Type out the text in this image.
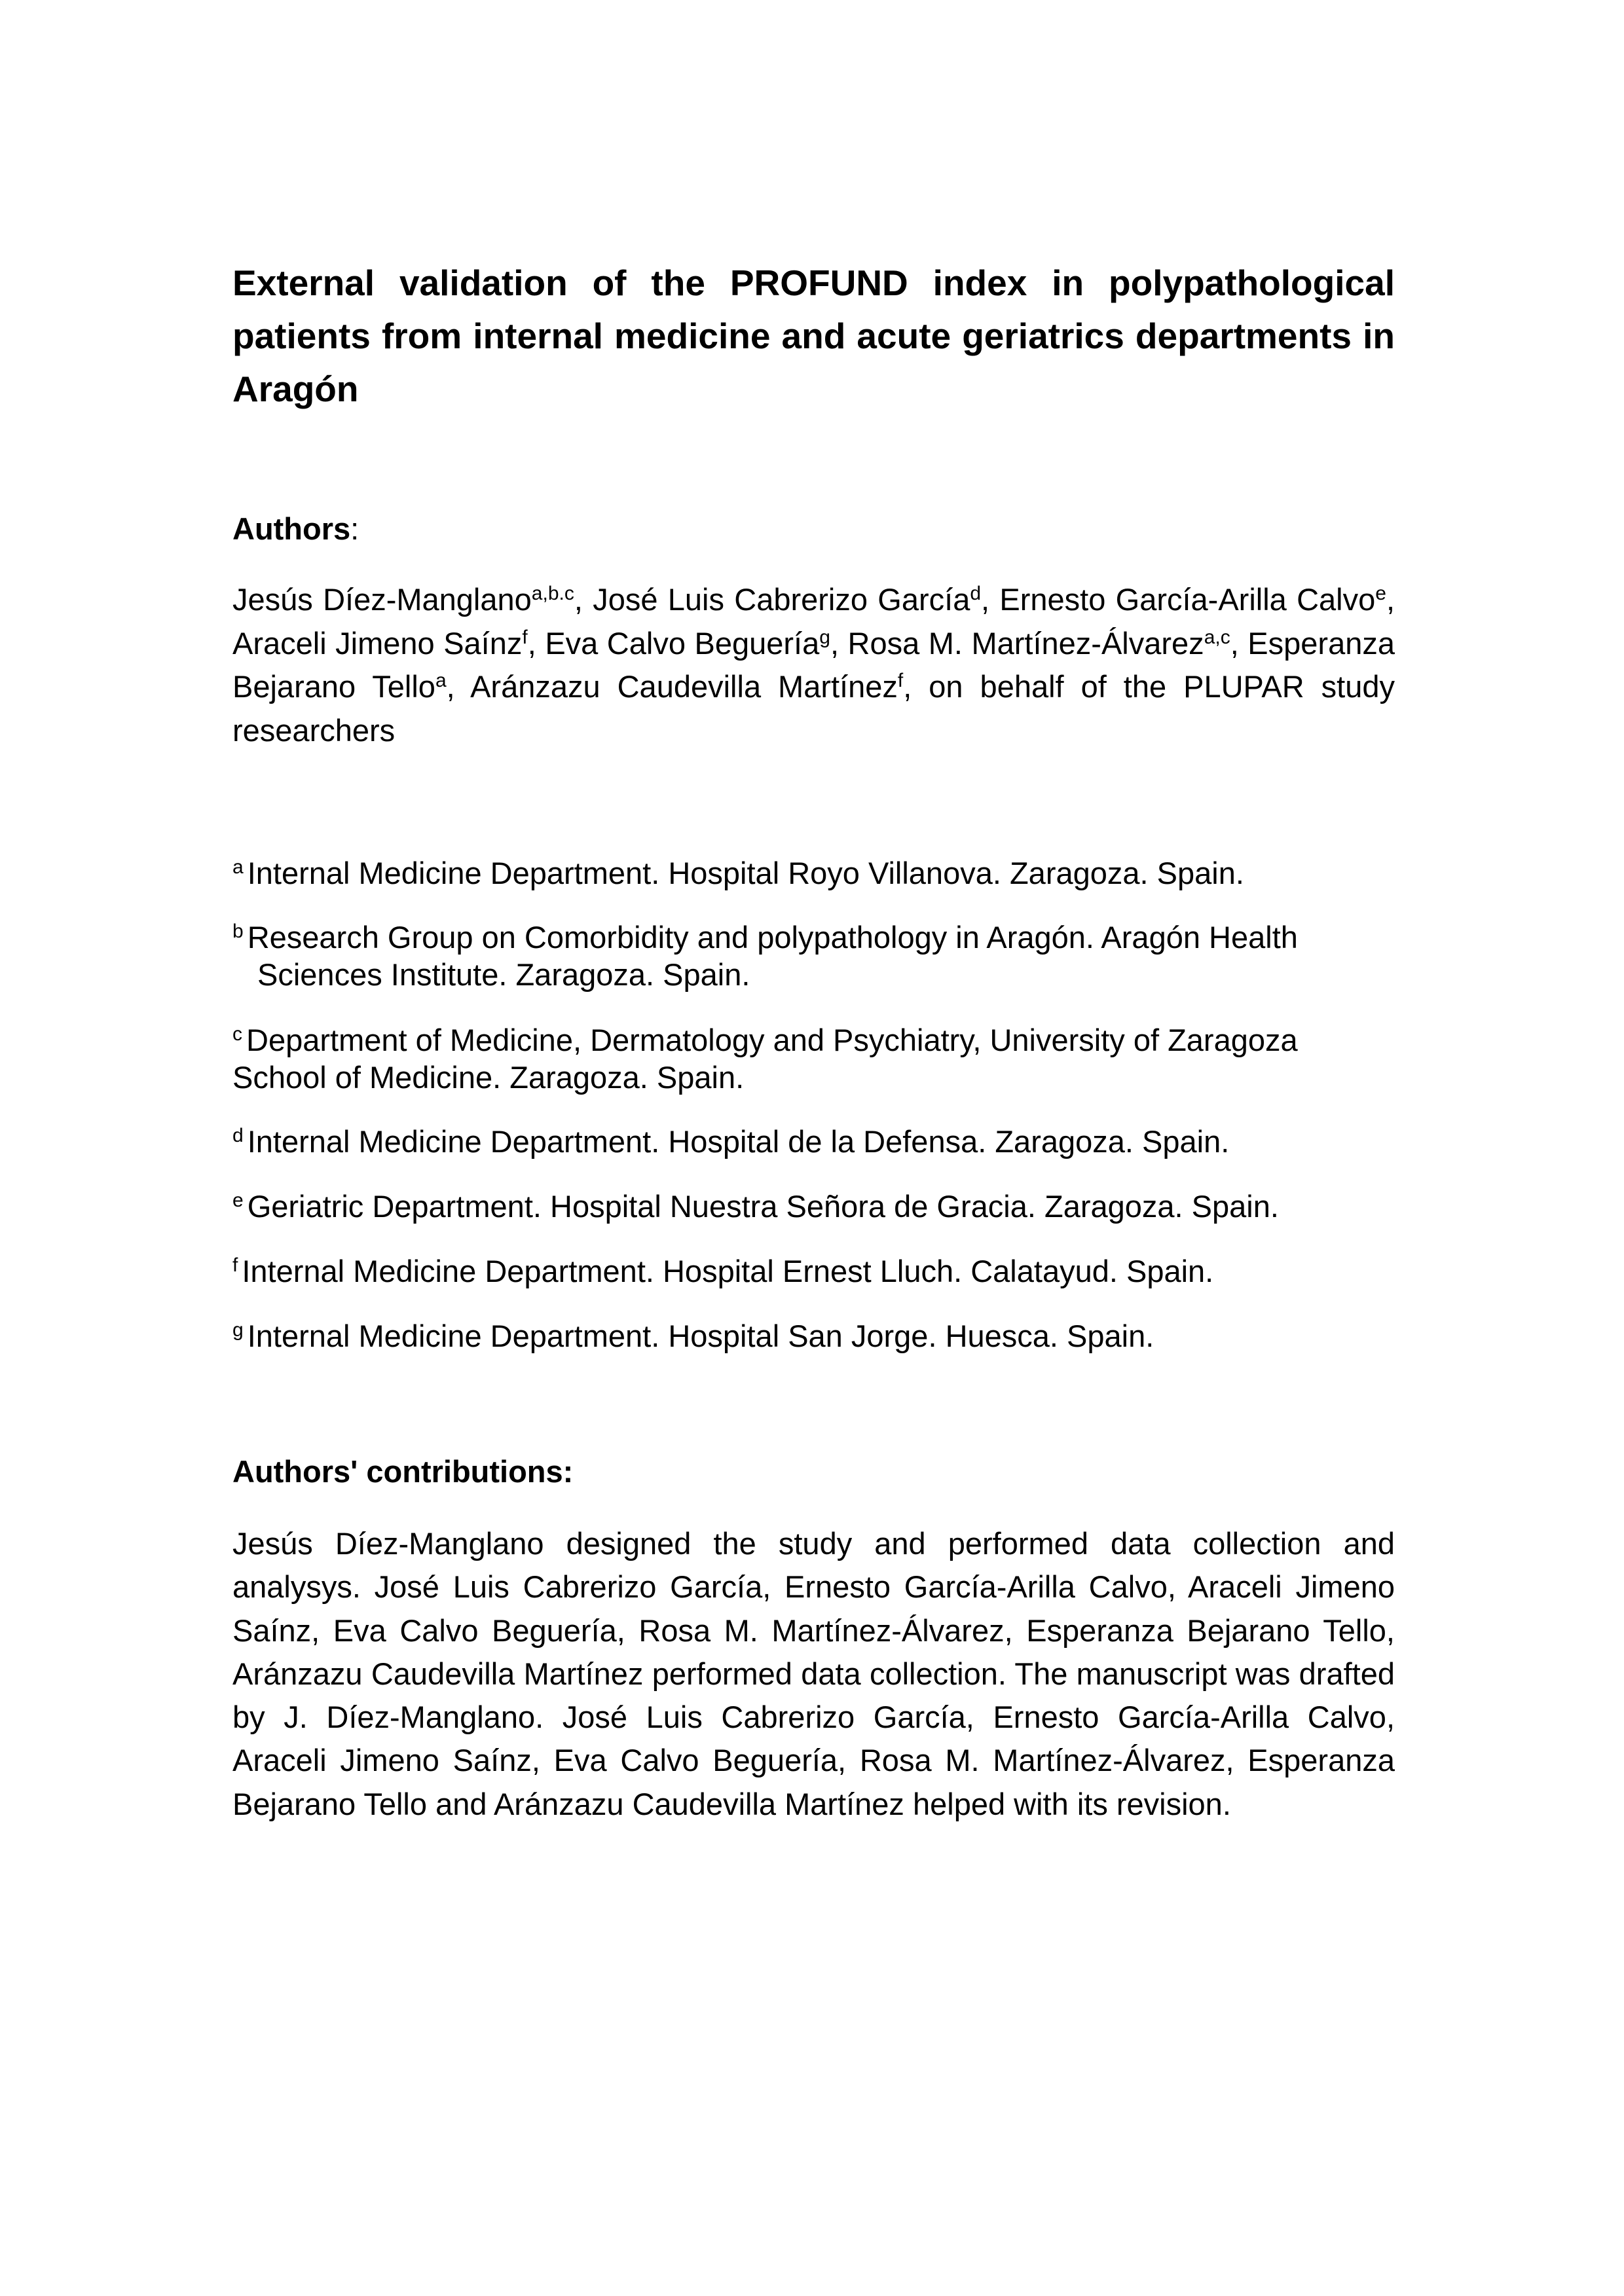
External validation of the PROFUND index in polypathological patients from internal medicine and acute geriatrics departments in Aragón

Authors:

Jesús Díez-Manglano$^{a,b.c}$, José Luis Cabrerizo García$^d$, Ernesto García-Arilla Calvo$^e$, Araceli Jimeno Saínz$^f$, Eva Calvo Beguería$^g$, Rosa M. Martínez-Álvarez$^{a,c}$, Esperanza Bejarano Tello$^a$, Aránzazu Caudevilla Martínez$^f$, on behalf of the PLUPAR study researchers

$^a$ Internal Medicine Department. Hospital Royo Villanova. Zaragoza. Spain.

$^b$ Research Group on Comorbidity and polypathology in Aragón. Aragón Health
Sciences Institute. Zaragoza. Spain.

$^c$ Department of Medicine, Dermatology and Psychiatry, University of Zaragoza
School of Medicine. Zaragoza. Spain.

$^d$ Internal Medicine Department. Hospital de la Defensa. Zaragoza. Spain.

$^e$ Geriatric Department. Hospital Nuestra Señora de Gracia. Zaragoza. Spain.

$^f$ Internal Medicine Department. Hospital Ernest Lluch. Calatayud. Spain.

$^g$ Internal Medicine Department. Hospital San Jorge. Huesca. Spain.

Authors' contributions:

Jesús Díez-Manglano designed the study and performed data collection and analysys. José Luis Cabrerizo García, Ernesto García-Arilla Calvo, Araceli Jimeno Saínz, Eva Calvo Beguería, Rosa M. Martínez-Álvarez, Esperanza Bejarano Tello, Aránzazu Caudevilla Martínez performed data collection. The manuscript was drafted by J. Díez-Manglano. José Luis Cabrerizo García, Ernesto García-Arilla Calvo, Araceli Jimeno Saínz, Eva Calvo Beguería, Rosa M. Martínez-Álvarez, Esperanza Bejarano Tello and Aránzazu Caudevilla Martínez helped with its revision.
